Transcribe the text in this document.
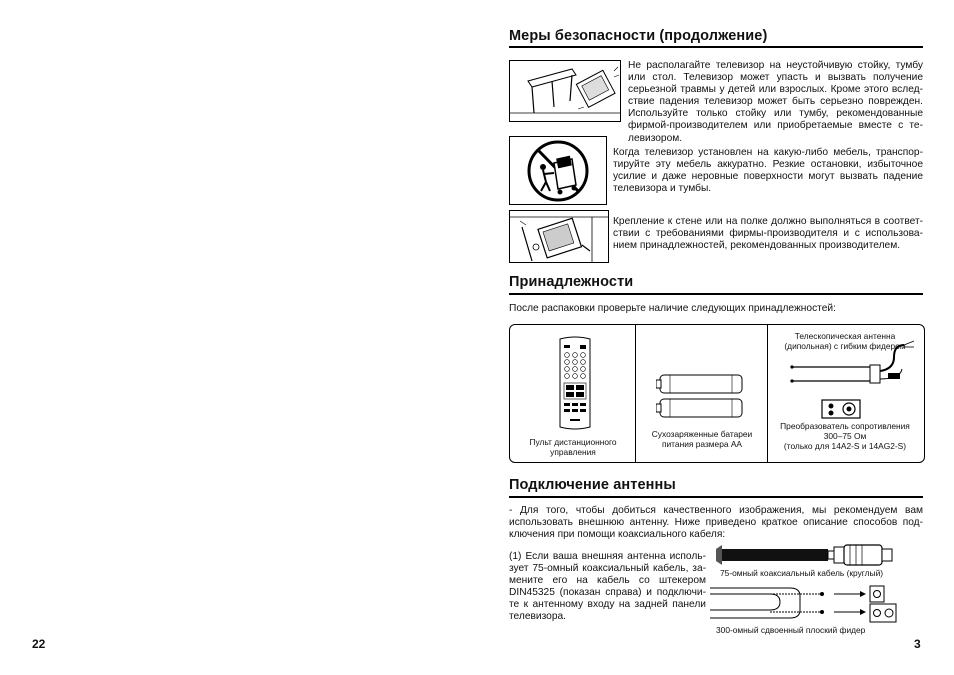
22	3
Меры безопасности (продолжение)
Не располагайте телевизор на неустойчивую стойку, тумбу или стол. Телевизор может упасть и вызвать получение серьезной травмы у детей или взрослых. Кроме этого вслед-ствие падения телевизор может быть серьезно поврежден. Используйте только стойку или тумбу, рекомендованные фирмой-производителем или приобретаемые вместе с те-левизором.
Когда телевизор установлен на какую-либо мебель, транспор-тируйте эту мебель аккуратно. Резкие остановки, избыточное усилие и даже неровные поверхности могут вызвать падение телевизора и тумбы.
Крепление к стене или на полке должно выполняться в соответ-ствии с требованиями фирмы-производителя и с использова-нием принадлежностей, рекомендованных производителем.
Принадлежности
После распаковки проверьте наличие следующих принадлежностей:
Пульт дистанционного управления
Сухозаряженные батареи питания размера АА
Телескопическая антенна (дипольная) с гибким фидером
Преобразователь сопротивления 300–75 Ом
(только для 14A2-S и 14AG2-S)
Подключение антенны
- Для того, чтобы добиться качественного изображения, мы рекомендуем вам использовать внешнюю антенну. Ниже приведено краткое описание способов под-ключения при помощи коаксиального кабеля:
(1) Если ваша внешняя антенна исполь-зует 75-омный коаксиальный кабель, за-мените его на кабель со штекером DIN45325 (показан справа) и подключи-те к антенному входу на задней панели телевизора.
75-омный коаксиальный кабель (круглый)
300-омный сдвоенный плоский фидер
